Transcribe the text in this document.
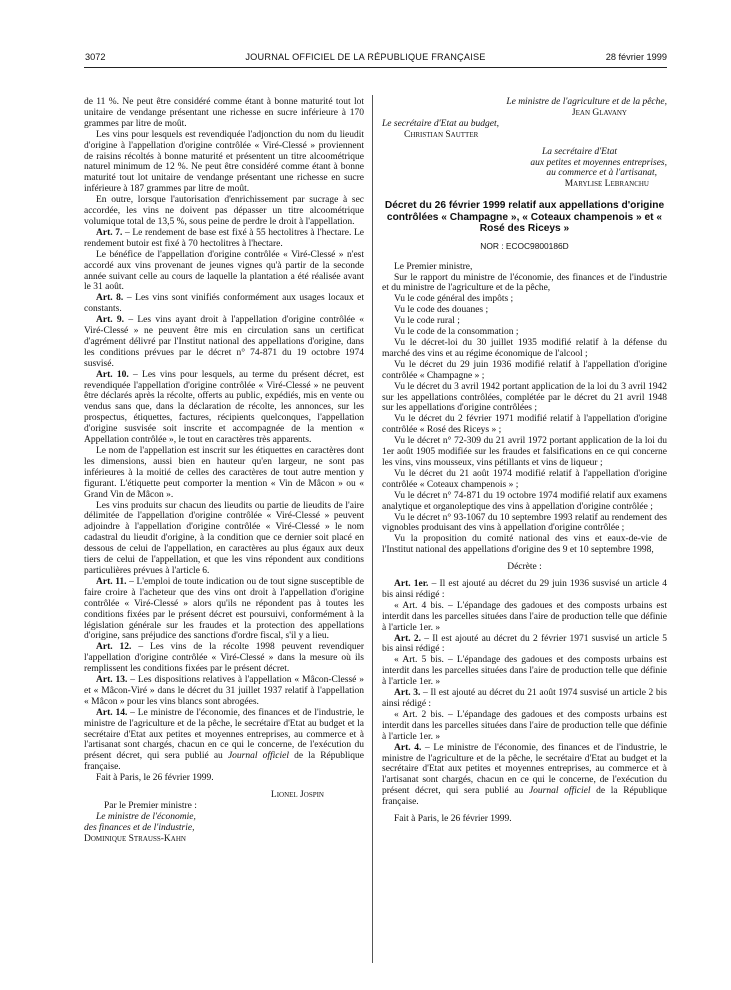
3072	JOURNAL OFFICIEL DE LA RÉPUBLIQUE FRANÇAISE	28 février 1999

de 11 %. Ne peut être considéré comme étant à bonne maturité tout lot unitaire de vendange présentant une richesse en sucre inférieure à 170 grammes par litre de moût.

Les vins pour lesquels est revendiquée l'adjonction du nom du lieudit d'origine à l'appellation d'origine contrôlée « Viré-Clessé » proviennent de raisins récoltés à bonne maturité et présentent un titre alcoométrique naturel minimum de 12 %. Ne peut être considéré comme étant à bonne maturité tout lot unitaire de vendange présentant une richesse en sucre inférieure à 187 grammes par litre de moût.

En outre, lorsque l'autorisation d'enrichissement par sucrage à sec accordée, les vins ne doivent pas dépasser un titre alcoométrique volumique total de 13,5 %, sous peine de perdre le droit à l'appellation.

Art. 7. – Le rendement de base est fixé à 55 hectolitres à l'hectare. Le rendement butoir est fixé à 70 hectolitres à l'hectare.

Le bénéfice de l'appellation d'origine contrôlée « Viré-Clessé » n'est accordé aux vins provenant de jeunes vignes qu'à partir de la seconde année suivant celle au cours de laquelle la plantation a été réalisée avant le 31 août.

Art. 8. – Les vins sont vinifiés conformément aux usages locaux et constants.

Art. 9. – Les vins ayant droit à l'appellation d'origine contrôlée « Viré-Clessé » ne peuvent être mis en circulation sans un certificat d'agrément délivré par l'Institut national des appellations d'origine, dans les conditions prévues par le décret n° 74-871 du 19 octobre 1974 susvisé.

Art. 10. – Les vins pour lesquels, au terme du présent décret, est revendiquée l'appellation d'origine contrôlée « Viré-Clessé » ne peuvent être déclarés après la récolte, offerts au public, expédiés, mis en vente ou vendus sans que, dans la déclaration de récolte, les annonces, sur les prospectus, étiquettes, factures, récipients quelconques, l'appellation d'origine susvisée soit inscrite et accompagnée de la mention « Appellation contrôlée », le tout en caractères très apparents.

Le nom de l'appellation est inscrit sur les étiquettes en caractères dont les dimensions, aussi bien en hauteur qu'en largeur, ne sont pas inférieures à la moitié de celles des caractères de tout autre mention y figurant. L'étiquette peut comporter la mention « Vin de Mâcon » ou « Grand Vin de Mâcon ».

Les vins produits sur chacun des lieudits ou partie de lieudits de l'aire délimitée de l'appellation d'origine contrôlée « Viré-Clessé » peuvent adjoindre à l'appellation d'origine contrôlée « Viré-Clessé » le nom cadastral du lieudit d'origine, à la condition que ce dernier soit placé en dessous de celui de l'appellation, en caractères au plus égaux aux deux tiers de celui de l'appellation, et que les vins répondent aux conditions particulières prévues à l'article 6.

Art. 11. – L'emploi de toute indication ou de tout signe susceptible de faire croire à l'acheteur que des vins ont droit à l'appellation d'origine contrôlée « Viré-Clessé » alors qu'ils ne répondent pas à toutes les conditions fixées par le présent décret est poursuivi, conformément à la législation générale sur les fraudes et la protection des appellations d'origine, sans préjudice des sanctions d'ordre fiscal, s'il y a lieu.

Art. 12. – Les vins de la récolte 1998 peuvent revendiquer l'appellation d'origine contrôlée « Viré-Clessé » dans la mesure où ils remplissent les conditions fixées par le présent décret.

Art. 13. – Les dispositions relatives à l'appellation « Mâcon-Clessé » et « Mâcon-Viré » dans le décret du 31 juillet 1937 relatif à l'appellation « Mâcon » pour les vins blancs sont abrogées.

Art. 14. – Le ministre de l'économie, des finances et de l'industrie, le ministre de l'agriculture et de la pêche, le secrétaire d'Etat au budget et la secrétaire d'Etat aux petites et moyennes entreprises, au commerce et à l'artisanat sont chargés, chacun en ce qui le concerne, de l'exécution du présent décret, qui sera publié au Journal officiel de la République française.

Fait à Paris, le 26 février 1999.

Lionel Jospin

Par le Premier ministre :

Le ministre de l'économie,

des finances et de l'industrie,

Dominique Strauss-Kahn

Le ministre de l'agriculture et de la pêche,

Jean Glavany

Le secrétaire d'Etat au budget,

Christian Sautter

La secrétaire d'Etat

aux petites et moyennes entreprises,

au commerce et à l'artisanat,

Marylise Lebranchu

Décret du 26 février 1999 relatif aux appellations d'origine contrôlées « Champagne », « Coteaux champenois » et « Rosé des Riceys »

NOR : ECOC9800186D

Le Premier ministre,

Sur le rapport du ministre de l'économie, des finances et de l'industrie et du ministre de l'agriculture et de la pêche,

Vu le code général des impôts ;

Vu le code des douanes ;

Vu le code rural ;

Vu le code de la consommation ;

Vu le décret-loi du 30 juillet 1935 modifié relatif à la défense du marché des vins et au régime économique de l'alcool ;

Vu le décret du 29 juin 1936 modifié relatif à l'appellation d'origine contrôlée « Champagne » ;

Vu le décret du 3 avril 1942 portant application de la loi du 3 avril 1942 sur les appellations contrôlées, complétée par le décret du 21 avril 1948 sur les appellations d'origine contrôlées ;

Vu le décret du 2 février 1971 modifié relatif à l'appellation d'origine contrôlée « Rosé des Riceys » ;

Vu le décret n° 72-309 du 21 avril 1972 portant application de la loi du 1er août 1905 modifiée sur les fraudes et falsifications en ce qui concerne les vins, vins mousseux, vins pétillants et vins de liqueur ;

Vu le décret du 21 août 1974 modifié relatif à l'appellation d'origine contrôlée « Coteaux champenois » ;

Vu le décret n° 74-871 du 19 octobre 1974 modifié relatif aux examens analytique et organoleptique des vins à appellation d'origine contrôlée ;

Vu le décret n° 93-1067 du 10 septembre 1993 relatif au rendement des vignobles produisant des vins à appellation d'origine contrôlée ;

Vu la proposition du comité national des vins et eaux-de-vie de l'Institut national des appellations d'origine des 9 et 10 septembre 1998,

Décrète :

Art. 1er. – Il est ajouté au décret du 29 juin 1936 susvisé un article 4 bis ainsi rédigé :

« Art. 4 bis. – L'épandage des gadoues et des composts urbains est interdit dans les parcelles situées dans l'aire de production telle que définie à l'article 1er. »

Art. 2. – Il est ajouté au décret du 2 février 1971 susvisé un article 5 bis ainsi rédigé :

« Art. 5 bis. – L'épandage des gadoues et des composts urbains est interdit dans les parcelles situées dans l'aire de production telle que définie à l'article 1er. »

Art. 3. – Il est ajouté au décret du 21 août 1974 susvisé un article 2 bis ainsi rédigé :

« Art. 2 bis. – L'épandage des gadoues et des composts urbains est interdit dans les parcelles situées dans l'aire de production telle que définie à l'article 1er. »

Art. 4. – Le ministre de l'économie, des finances et de l'industrie, le ministre de l'agriculture et de la pêche, le secrétaire d'Etat au budget et la secrétaire d'Etat aux petites et moyennes entreprises, au commerce et à l'artisanat sont chargés, chacun en ce qui le concerne, de l'exécution du présent décret, qui sera publié au Journal officiel de la République française.

Fait à Paris, le 26 février 1999.
